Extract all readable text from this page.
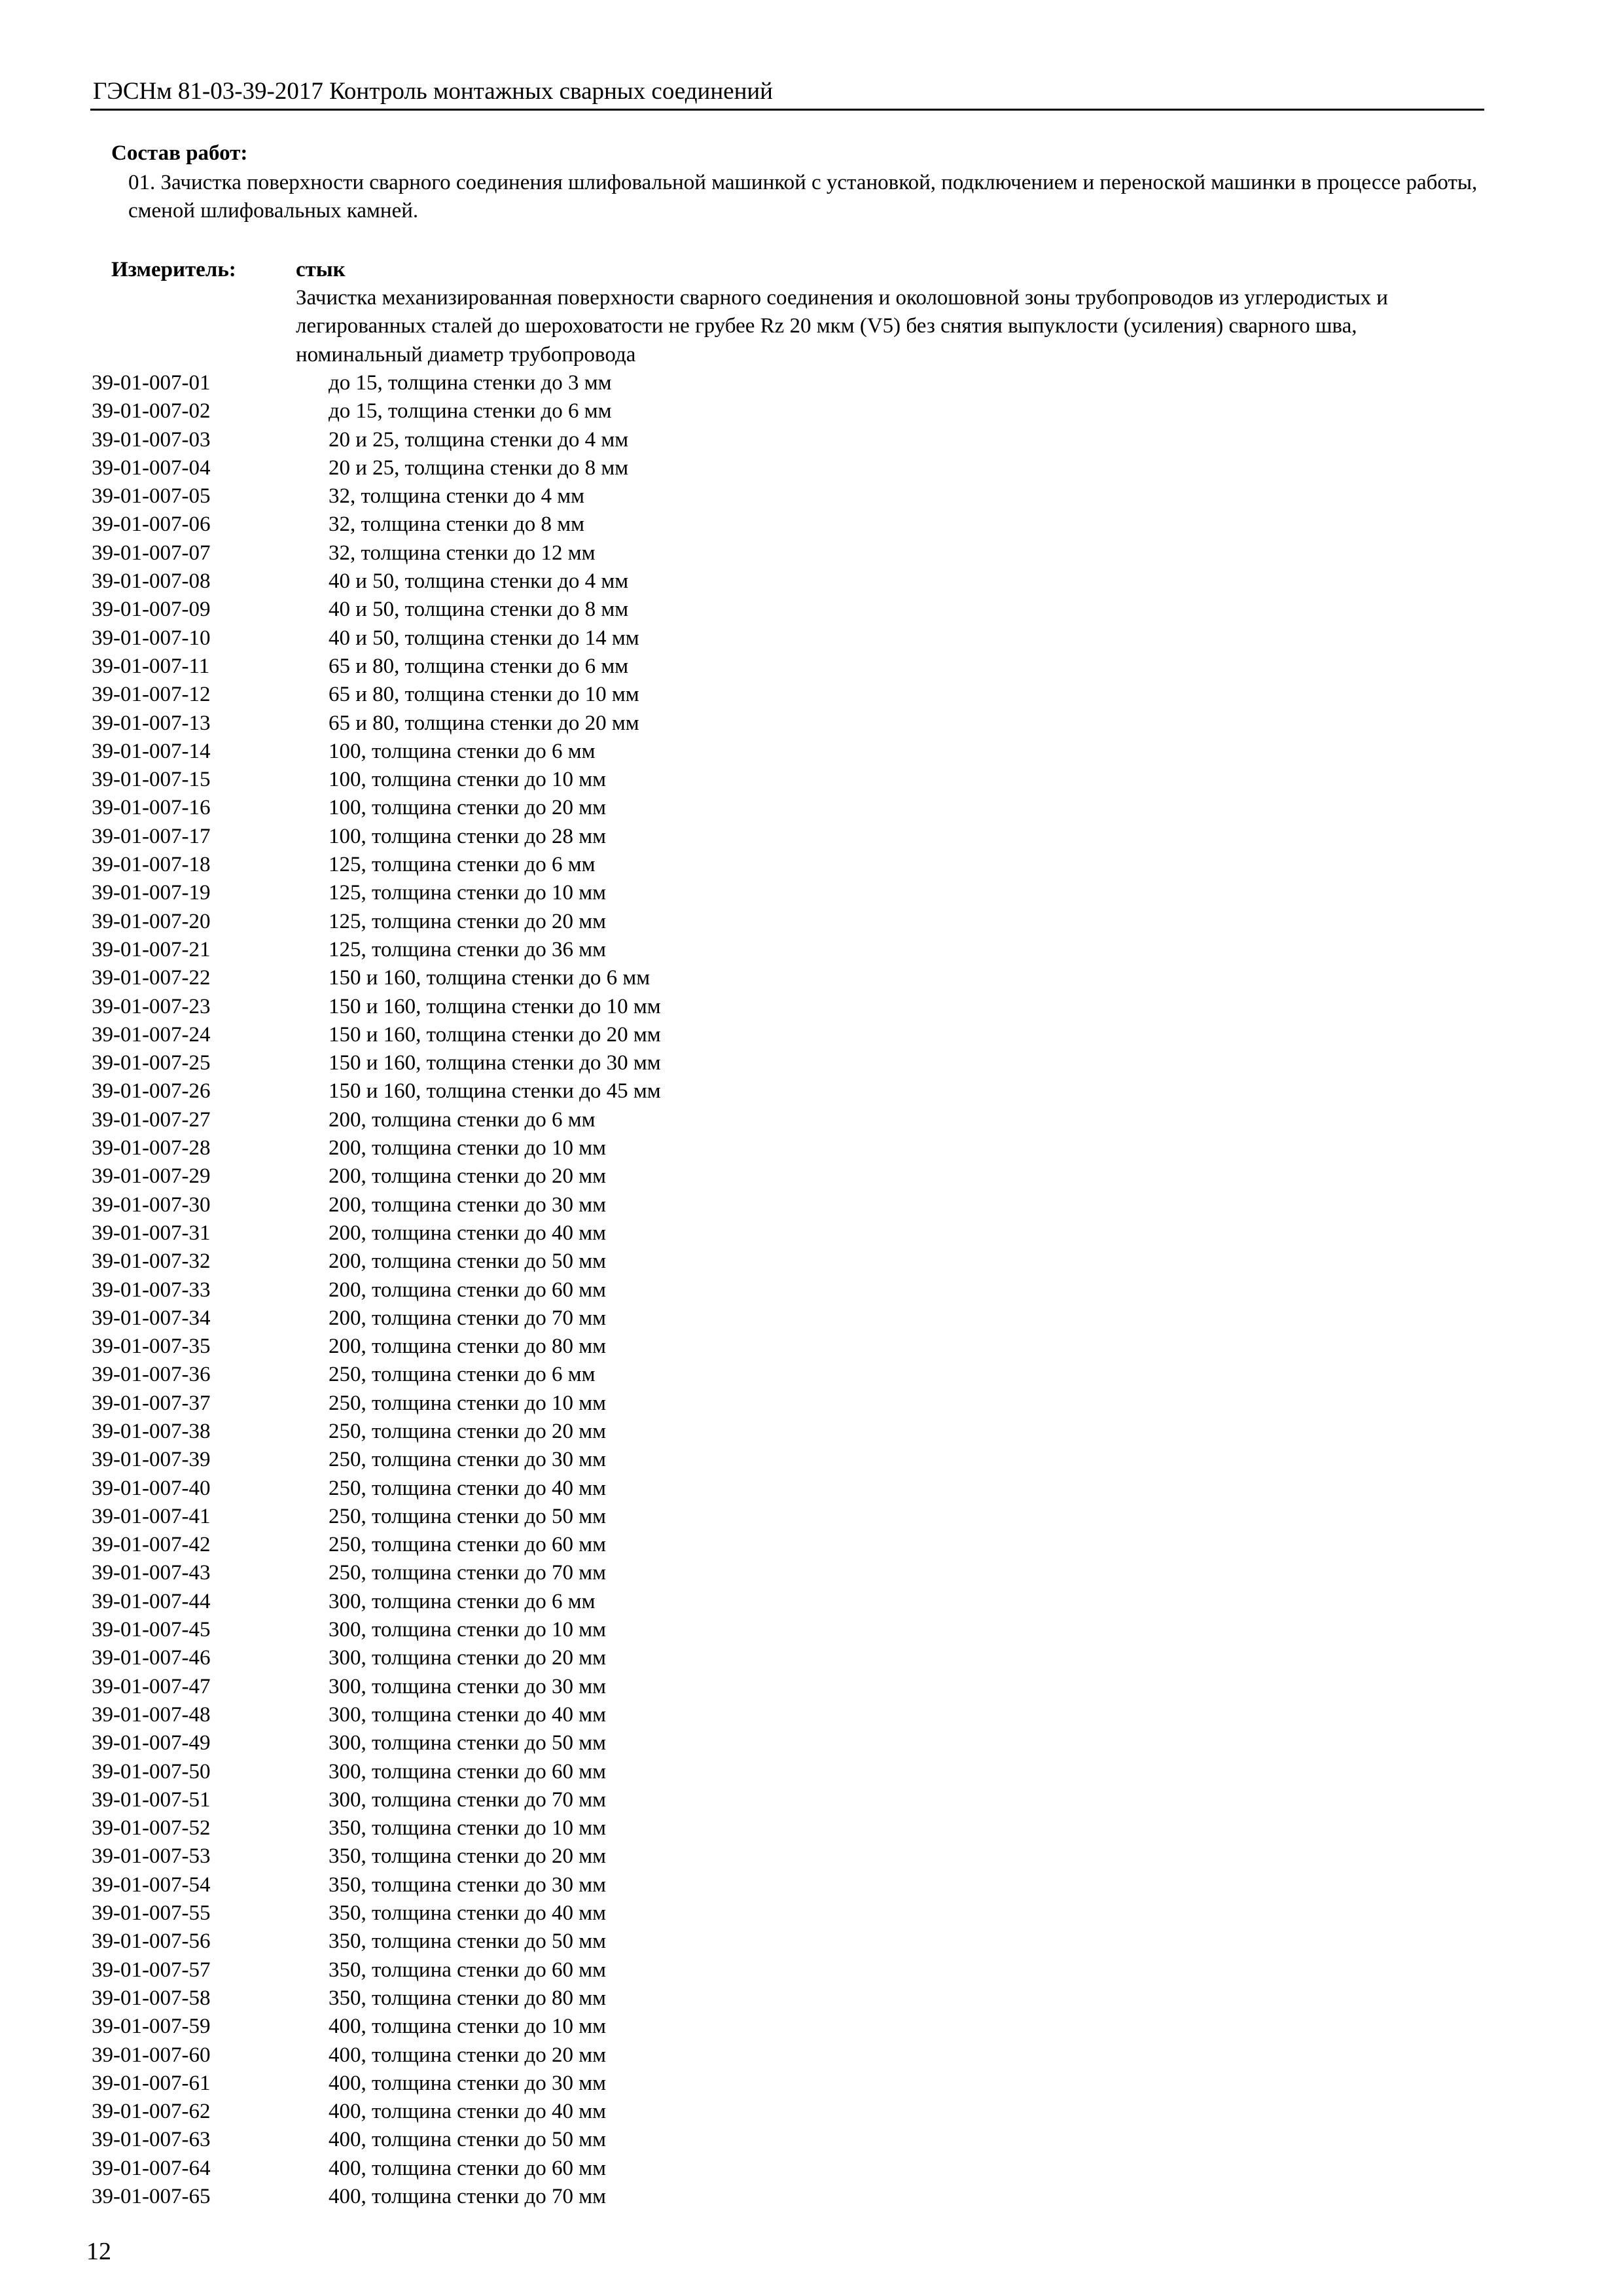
ГЭСНм 81-03-39-2017 Контроль монтажных сварных соединений
Состав работ:
01. Зачистка поверхности сварного соединения шлифовальной машинкой с установкой, подключением и переноской машинки в процессе работы, сменой шлифовальных камней.
Измеритель:	стык
Зачистка механизированная поверхности сварного соединения и околошовной зоны трубопроводов из углеродистых и легированных сталей до шероховатости не грубее Rz 20 мкм (V5) без снятия выпуклости (усиления) сварного шва, номинальный диаметр трубопровода
39-01-007-01	до 15, толщина стенки до 3 мм
39-01-007-02	до 15, толщина стенки до 6 мм
39-01-007-03	20 и 25, толщина стенки до 4 мм
39-01-007-04	20 и 25, толщина стенки до 8 мм
39-01-007-05	32, толщина стенки до 4 мм
39-01-007-06	32, толщина стенки до 8 мм
39-01-007-07	32, толщина стенки до 12 мм
39-01-007-08	40 и 50, толщина стенки до 4 мм
39-01-007-09	40 и 50, толщина стенки до 8 мм
39-01-007-10	40 и 50, толщина стенки до 14 мм
39-01-007-11	65 и 80, толщина стенки до 6 мм
39-01-007-12	65 и 80, толщина стенки до 10 мм
39-01-007-13	65 и 80, толщина стенки до 20 мм
39-01-007-14	100, толщина стенки до 6 мм
39-01-007-15	100, толщина стенки до 10 мм
39-01-007-16	100, толщина стенки до 20 мм
39-01-007-17	100, толщина стенки до 28 мм
39-01-007-18	125, толщина стенки до 6 мм
39-01-007-19	125, толщина стенки до 10 мм
39-01-007-20	125, толщина стенки до 20 мм
39-01-007-21	125, толщина стенки до 36 мм
39-01-007-22	150 и 160, толщина стенки до 6 мм
39-01-007-23	150 и 160, толщина стенки до 10 мм
39-01-007-24	150 и 160, толщина стенки до 20 мм
39-01-007-25	150 и 160, толщина стенки до 30 мм
39-01-007-26	150 и 160, толщина стенки до 45 мм
39-01-007-27	200, толщина стенки до 6 мм
39-01-007-28	200, толщина стенки до 10 мм
39-01-007-29	200, толщина стенки до 20 мм
39-01-007-30	200, толщина стенки до 30 мм
39-01-007-31	200, толщина стенки до 40 мм
39-01-007-32	200, толщина стенки до 50 мм
39-01-007-33	200, толщина стенки до 60 мм
39-01-007-34	200, толщина стенки до 70 мм
39-01-007-35	200, толщина стенки до 80 мм
39-01-007-36	250, толщина стенки до 6 мм
39-01-007-37	250, толщина стенки до 10 мм
39-01-007-38	250, толщина стенки до 20 мм
39-01-007-39	250, толщина стенки до 30 мм
39-01-007-40	250, толщина стенки до 40 мм
39-01-007-41	250, толщина стенки до 50 мм
39-01-007-42	250, толщина стенки до 60 мм
39-01-007-43	250, толщина стенки до 70 мм
39-01-007-44	300, толщина стенки до 6 мм
39-01-007-45	300, толщина стенки до 10 мм
39-01-007-46	300, толщина стенки до 20 мм
39-01-007-47	300, толщина стенки до 30 мм
39-01-007-48	300, толщина стенки до 40 мм
39-01-007-49	300, толщина стенки до 50 мм
39-01-007-50	300, толщина стенки до 60 мм
39-01-007-51	300, толщина стенки до 70 мм
39-01-007-52	350, толщина стенки до 10 мм
39-01-007-53	350, толщина стенки до 20 мм
39-01-007-54	350, толщина стенки до 30 мм
39-01-007-55	350, толщина стенки до 40 мм
39-01-007-56	350, толщина стенки до 50 мм
39-01-007-57	350, толщина стенки до 60 мм
39-01-007-58	350, толщина стенки до 80 мм
39-01-007-59	400, толщина стенки до 10 мм
39-01-007-60	400, толщина стенки до 20 мм
39-01-007-61	400, толщина стенки до 30 мм
39-01-007-62	400, толщина стенки до 40 мм
39-01-007-63	400, толщина стенки до 50 мм
39-01-007-64	400, толщина стенки до 60 мм
39-01-007-65	400, толщина стенки до 70 мм
12
